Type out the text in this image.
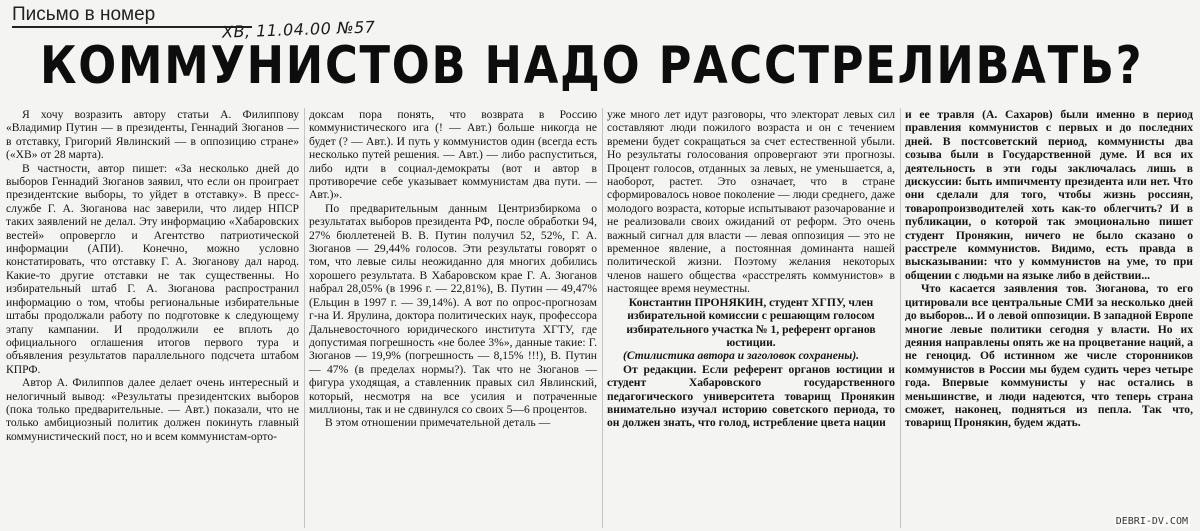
Письмо в номер
ХВ, 11.04.00 №57
КОММУНИСТОВ НАДО РАССТРЕЛИВАТЬ?

Я хочу возразить автору статьи А. Филиппову «Владимир Путин — в президенты, Геннадий Зюганов — в отставку, Григорий Явлинский — в оппозицию стране» («ХВ» от 28 марта).

В частности, автор пишет: «За несколько дней до выборов Геннадий Зюганов заявил, что если он проиграет президентские выборы, то уйдет в отставку». В пресс-службе Г. А. Зюганова нас заверили, что лидер НПСР таких заявлений не делал. Эту информацию «Хабаровских вестей» опроверглo и Агентство патриотической информации (АПИ). Конечно, можно условно констатировать, что отставку Г. А. Зюганову дал народ. Какие-то другие отставки не так существенны. Но избирательный штаб Г. А. Зюганова распространил информацию о том, чтобы региональные избирательные штабы продолжали работу по подготовке к следующему этапу кампании. И продолжили ее вплоть до официального оглашения итогов первого тура и объявления результатов параллельного подсчета штабом КПРФ.

Автор А. Филиппов далее делает очень интересный и нелогичный вывод: «Результаты президентских выборов (пока только предварительные. — Авт.) показали, что не только амбициозный политик должен покинуть главный коммунистический пост, но и всем коммунистам-орто-

доксам пора понять, что возврата в Россию коммунистического ига (! — Авт.) больше никогда не будет (? — Авт.). И путь у коммунистов один (всегда есть несколько путей решения. — Авт.) — либо распуститься, либо идти в социал-демократы (вот и автор в противоречие себе указывает коммунистам два пути. — Авт.)».

По предварительным данным Центризбиркома о результатах выборов президента РФ, после обработки 94, 27% бюллетеней В. В. Путин получил 52, 52%, Г. А. Зюганов — 29,44% голосов. Эти результаты говорят о том, что левые силы неожиданно для многих добились хорошего результата. В Хабаровском крае Г. А. Зюганов набрал 28,05% (в 1996 г. — 22,81%), В. Путин — 49,47% (Ельцин в 1997 г. — 39,14%). А вот по опрос-прогнозам г-на И. Ярулина, доктора политических наук, профессора Дальневосточного юридического института ХГТУ, где допустимая погрешность «не более 3%», данные такие: Г. Зюганов — 19,9% (погрешность — 8,15% !!!), В. Путин — 47% (в пределах нормы?). Так что не Зюганов — фигура уходящая, а ставленник правых сил Явлинский, который, несмотря на все усилия и потраченные миллионы, так и не сдвинулся со своих 5—6 процентов.

В этом отношении примечательной деталь —

уже много лет идут разговоры, что электорат левых сил составляют люди пожилого возраста и он с течением времени будет сокращаться за счет естественной убыли. Но результаты голосования опровергают эти прогнозы. Процент голосов, отданных за левых, не уменьшается, а, наоборот, растет. Это означает, что в стране сформировалось новое поколение — люди среднего, даже молодого возраста, которые испытывают разочарование и не реализовали своих ожиданий от реформ. Это очень важный сигнал для власти — левая оппозиция — это не временное явление, а постоянная доминанта нашей политической жизни. Поэтому желания некоторых членов нашего общества «расстрелять коммунистов» в настоящее время неуместны.

Константин ПРОНЯКИН, студент ХГПУ, член избирательной комиссии с решающим голосом избирательного участка № 1, референт органов юстиции.

(Стилистика автора и заголовок сохранены).

От редакции. Если референт органов юстиции и студент Хабаровского государственного педагогического университета товарищ Пронякин внимательно изучал историю советского периода, то он должен знать, что голод, истребление цвета нации

и ее травля (А. Сахаров) были именно в период правления коммунистов с первых и до последних дней. В постсоветский период, коммунисты два созыва были в Государственной думе. И вся их деятельность в эти годы заключалась лишь в дискуссии: быть импичменту президента или нет. Что они сделали для того, чтобы жизнь россиян, товаропроизводителей хоть как-то облегчить? И в публикации, о которой так эмоционально пишет студент Пронякин, ничего не было сказано о расстреле коммунистов. Видимо, есть правда в высказывании: что у коммунистов на уме, то при общении с людьми на языке либо в действии...

Что касается заявления тов. Зюганова, то его цитировали все центральные СМИ за несколько дней до выборов... И о левой оппозиции. В западной Европе многие левые политики сегодня у власти. Но их деяния направлены опять же на процветание наций, а не геноцид. Об истинном же числе сторонников коммунистов в России мы будем судить через четыре года. Впервые коммунисты у нас остались в меньшинстве, и люди надеются, что теперь страна сможет, наконец, подняться из пепла. Так что, товарищ Пронякин, будем ждать.

DEBRI-DV.COM
